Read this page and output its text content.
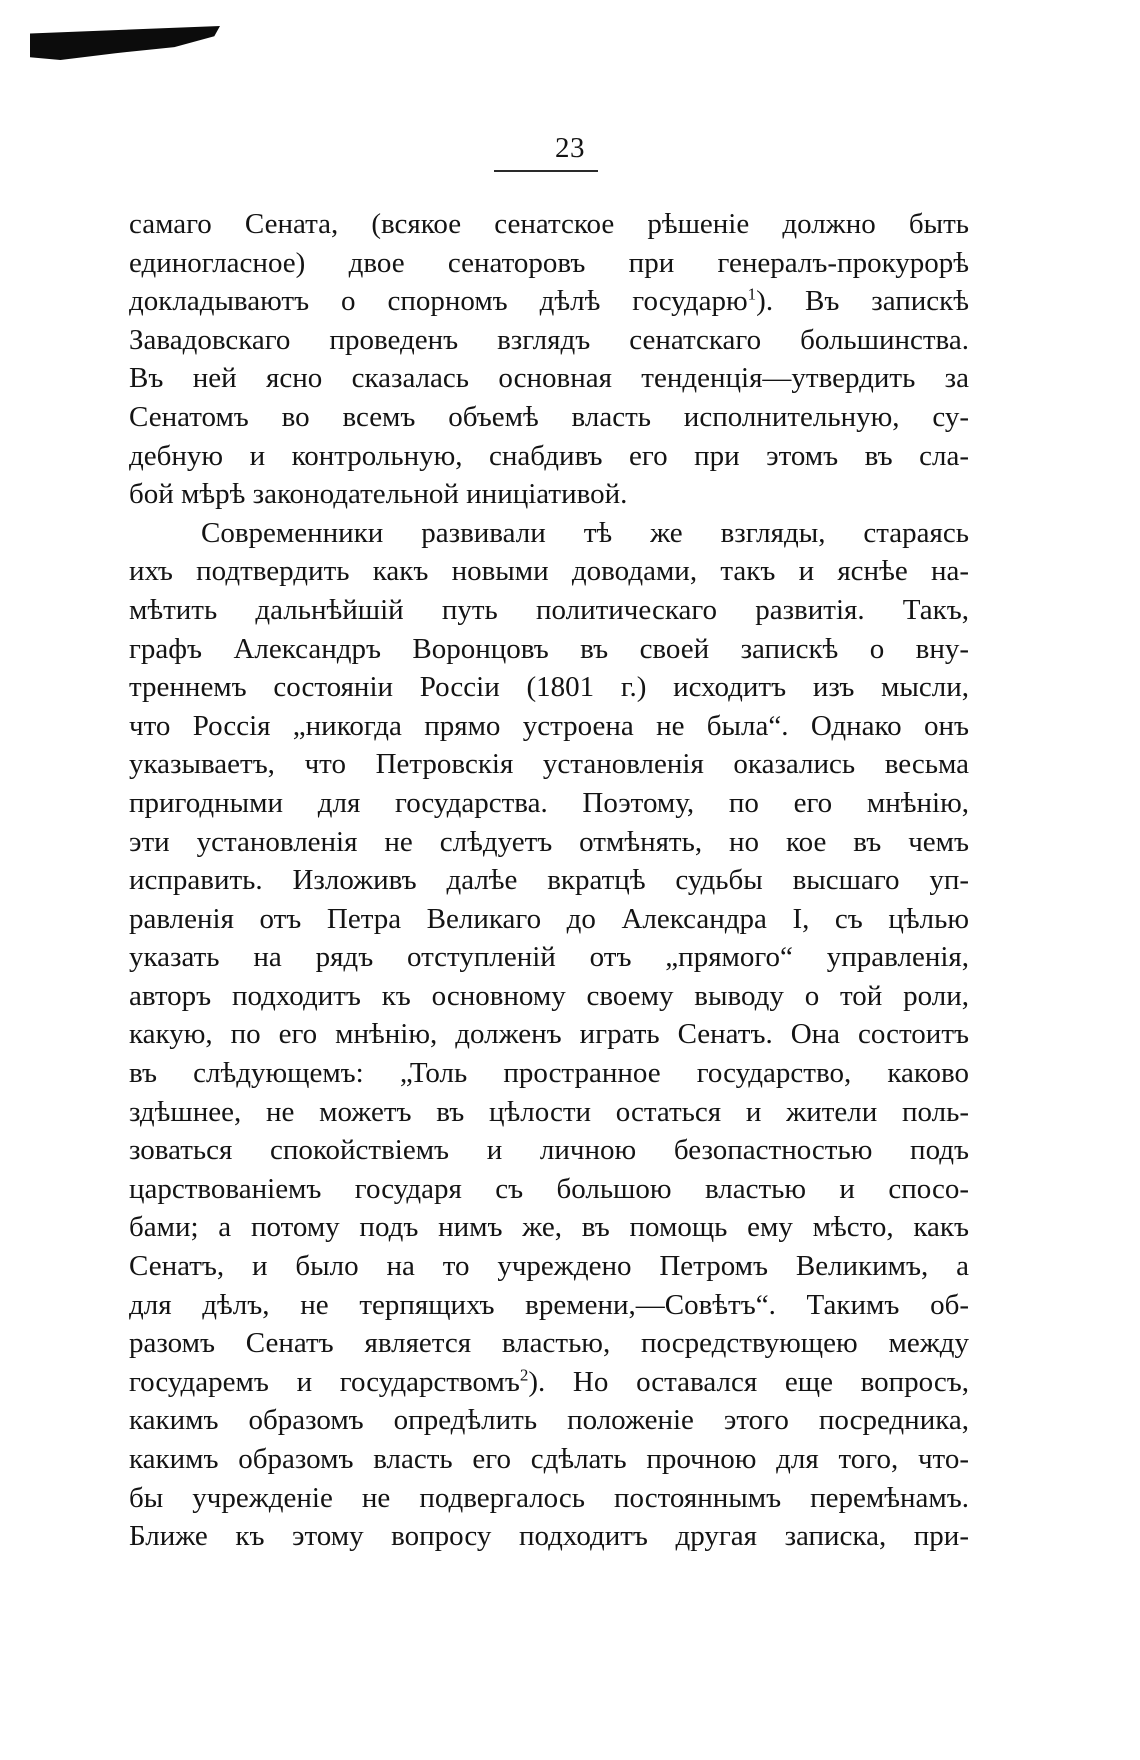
23
самаго Сената, (всякое сенатское рѣшеніе должно быть
единогласное) двое сенаторовъ при генералъ-прокурорѣ
докладываютъ о спорномъ дѣлѣ государю$^1$). Въ запискѣ
Завадовскаго проведенъ взглядъ сенатскаго большинства.
Въ ней ясно сказалась основная тенденція—утвердить за
Сенатомъ во всемъ объемѣ власть исполнительную, су-
дебную и контрольную, снабдивъ его при этомъ въ сла-
бой мѣрѣ законодательной иниціативой.
Современники развивали тѣ же взгляды, стараясь
ихъ подтвердить какъ новыми доводами, такъ и яснѣе на-
мѣтить дальнѣйшій путь политическаго развитія. Такъ,
графъ Александръ Воронцовъ въ своей запискѣ о вну-
треннемъ состояніи Россіи (1801 г.) исходитъ изъ мысли,
что Россія „никогда прямо устроена не была“. Однако онъ
указываетъ, что Петровскія установленія оказались весьма
пригодными для государства. Поэтому, по его мнѣнію,
эти установленія не слѣдуетъ отмѣнять, но кое въ чемъ
исправить. Изложивъ далѣе вкратцѣ судьбы высшаго уп-
равленія отъ Петра Великаго до Александра I, съ цѣлью
указать на рядъ отступленій отъ „прямого“ управленія,
авторъ подходитъ къ основному своему выводу о той роли,
какую, по его мнѣнію, долженъ играть Сенатъ. Она состоитъ
въ слѣдующемъ: „Толь пространное государство, каково
здѣшнее, не можетъ въ цѣлости остаться и жители поль-
зоваться спокойствіемъ и личною безопастностью подъ
царствованіемъ государя съ большою властью и спосо-
бами; а потому подъ нимъ же, въ помощь ему мѣсто, какъ
Сенатъ, и было на то учреждено Петромъ Великимъ, а
для дѣлъ, не терпящихъ времени,—Совѣтъ“. Такимъ об-
разомъ Сенатъ является властью, посредствующею между
государемъ и государствомъ$^2$). Но оставался еще вопросъ,
какимъ образомъ опредѣлить положеніе этого посредника,
какимъ образомъ власть его сдѣлать прочною для того, что-
бы учрежденіе не подвергалось постояннымъ перемѣнамъ.
Ближе къ этому вопросу подходитъ другая записка, при-
